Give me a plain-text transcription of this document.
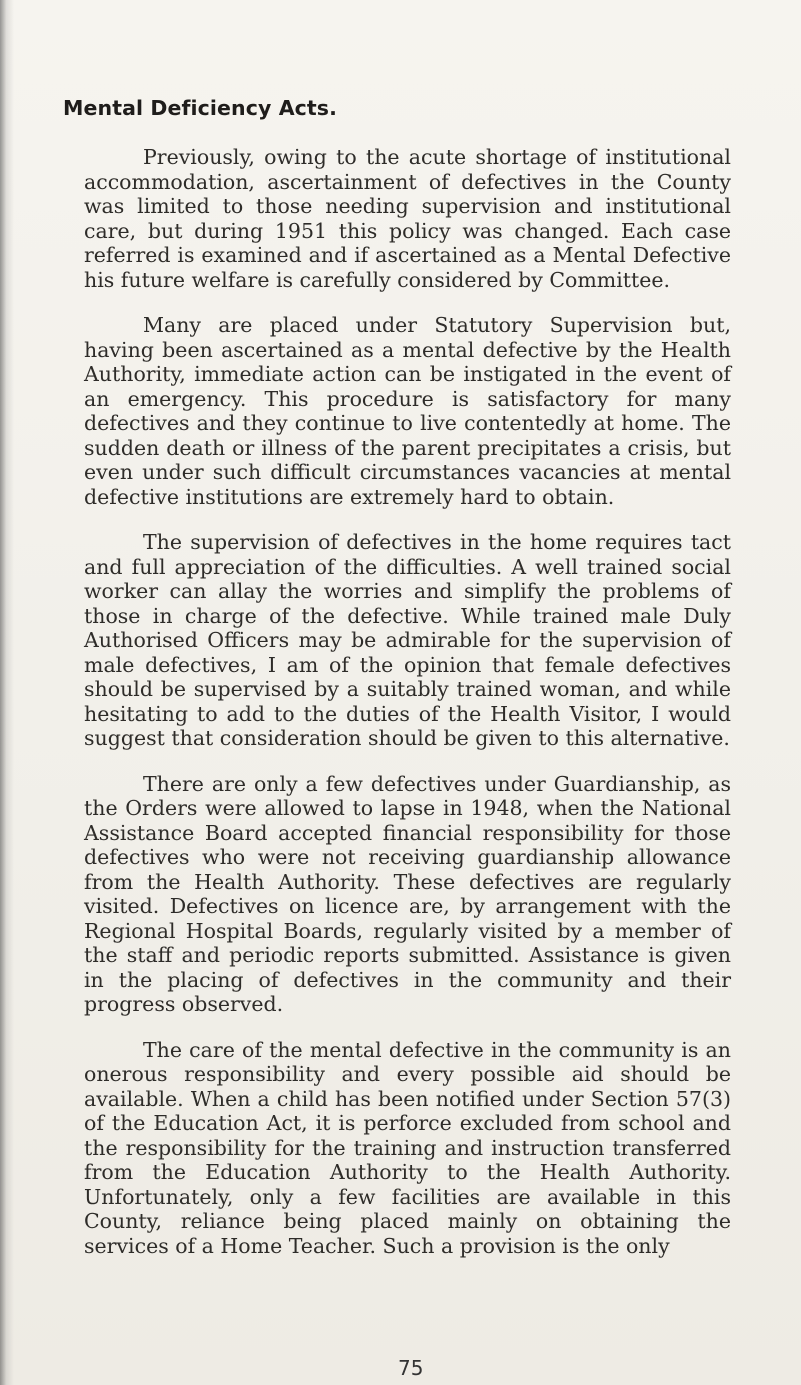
Mental Deficiency Acts.

Previously, owing to the acute shortage of institutional accommodation, ascertainment of defectives in the County was limited to those needing supervision and institutional care, but during 1951 this policy was changed. Each case referred is examined and if ascertained as a Mental Defective his future welfare is carefully considered by Committee.

Many are placed under Statutory Supervision but, having been ascertained as a mental defective by the Health Authority, immediate action can be instigated in the event of an emergency. This procedure is satisfactory for many defectives and they continue to live contentedly at home. The sudden death or illness of the parent precipitates a crisis, but even under such difficult circumstances vacancies at mental defective institutions are extremely hard to obtain.

The supervision of defectives in the home requires tact and full appreciation of the difficulties. A well trained social worker can allay the worries and simplify the problems of those in charge of the defective. While trained male Duly Authorised Officers may be admirable for the supervision of male defectives, I am of the opinion that female defectives should be supervised by a suitably trained woman, and while hesitating to add to the duties of the Health Visitor, I would suggest that consideration should be given to this alternative.

There are only a few defectives under Guardianship, as the Orders were allowed to lapse in 1948, when the National Assistance Board accepted financial responsibility for those defectives who were not receiving guardianship allowance from the Health Authority. These defectives are regularly visited. Defectives on licence are, by arrangement with the Regional Hospital Boards, regularly visited by a member of the staff and periodic reports submitted. Assistance is given in the placing of defectives in the community and their progress observed.

The care of the mental defective in the community is an onerous responsibility and every possible aid should be available. When a child has been notified under Section 57(3) of the Education Act, it is perforce excluded from school and the responsibility for the training and instruction transferred from the Education Authority to the Health Authority. Unfortunately, only a few facilities are available in this County, reliance being placed mainly on obtaining the services of a Home Teacher. Such a provision is the only

75
